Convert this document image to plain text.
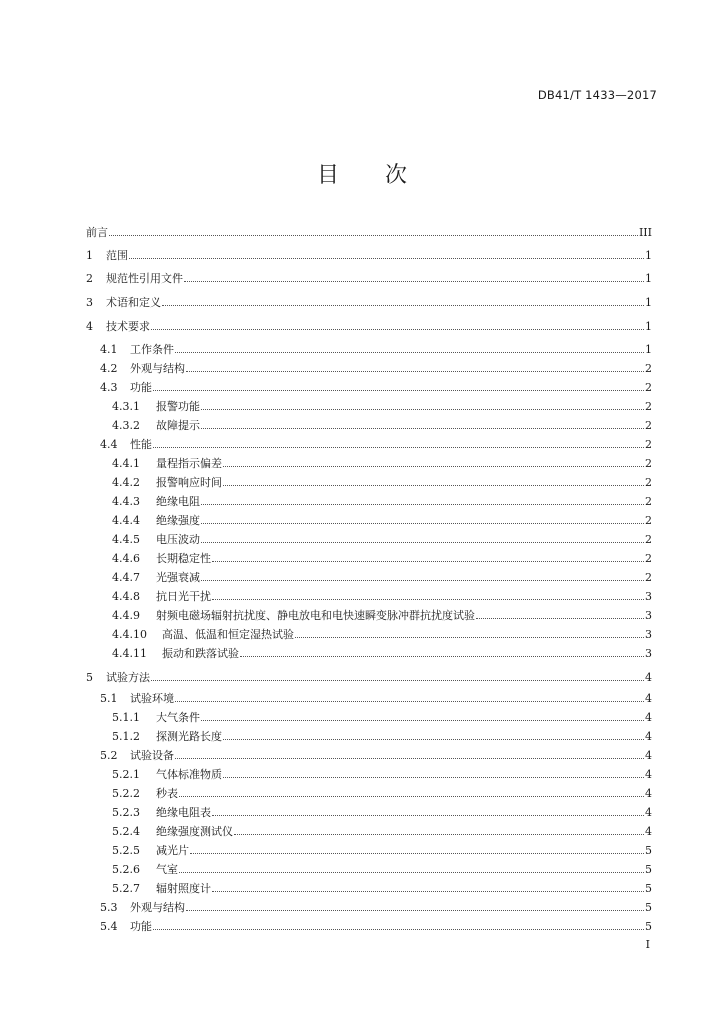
DB41/T 1433—2017
目 次
前言	III
1	范围	1
2	规范性引用文件	1
3	术语和定义	1
4	技术要求	1
4.1	工作条件	1
4.2	外观与结构	2
4.3	功能	2
4.3.1	报警功能	2
4.3.2	故障提示	2
4.4	性能	2
4.4.1	量程指示偏差	2
4.4.2	报警响应时间	2
4.4.3	绝缘电阻	2
4.4.4	绝缘强度	2
4.4.5	电压波动	2
4.4.6	长期稳定性	2
4.4.7	光强衰减	2
4.4.8	抗日光干扰	3
4.4.9	射频电磁场辐射抗扰度、静电放电和电快速瞬变脉冲群抗扰度试验	3
4.4.10	高温、低温和恒定湿热试验	3
4.4.11	振动和跌落试验	3
5	试验方法	4
5.1	试验环境	4
5.1.1	大气条件	4
5.1.2	探测光路长度	4
5.2	试验设备	4
5.2.1	气体标准物质	4
5.2.2	秒表	4
5.2.3	绝缘电阻表	4
5.2.4	绝缘强度测试仪	4
5.2.5	减光片	5
5.2.6	气室	5
5.2.7	辐射照度计	5
5.3	外观与结构	5
5.4	功能	5
I
